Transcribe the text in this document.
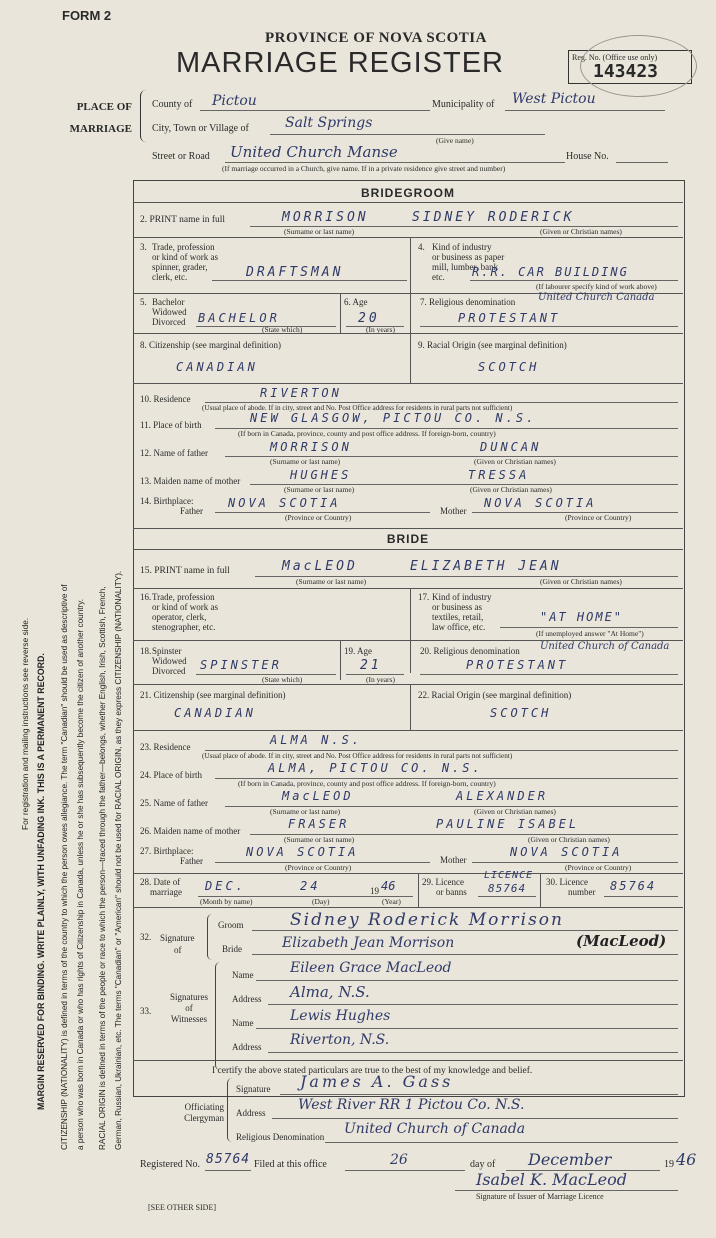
FORM 2
PROVINCE OF NOVA SCOTIA
MARRIAGE REGISTER	Reg. No. (Office use only)
143423
PLACE OF
MARRIAGE
County of Pictou	Municipality of West Pictou
City, Town or Village of	Salt Springs
(Give name)
Street or Road United Church Manse	House No.
(If marriage occurred in a Church, give name. If in a private residence give street and number)
BRIDEGROOM
2. PRINT name in full	MORRISON	SIDNEY RODERICK
(Surname or last name)	(Given or Christian names)
3. Trade, profession
or kind of work as
spinner, grader,
clerk, etc.	DRAFTSMAN
4. Kind of industry
or business as paper
mill, lumber, bank
etc.	R.R. CAR BUILDING
(If labourer specify kind of work above)
5. Bachelor
Widowed
Divorced BACHELOR
(State which)
6. Age
20
(In years)
7. Religious denomination United Church Canada
PROTESTANT
8. Citizenship (see marginal definition)
CANADIAN
9. Racial Origin (see marginal definition)
SCOTCH
10. Residence	RIVERTON
(Usual place of abode. If in city, street and No. Post Office address for residents in rural parts not sufficient)
11. Place of birth	NEW GLASGOW, PICTOU CO. N.S.
(If born in Canada, province, county and post office address. If foreign-born, country)
12. Name of father	MORRISON	DUNCAN
(Surname or last name)	(Given or Christian names)
13. Maiden name of mother	HUGHES	TRESSA
(Surname or last name)	(Given or Christian names)
14. Birthplace:
Father
NOVA SCOTIA
(Province or Country)
Mother
NOVA SCOTIA
(Province or Country)
BRIDE
15. PRINT name in full	MacLEOD	ELIZABETH JEAN
(Surname or last name)	(Given or Christian names)
16. Trade, profession
or kind of work as
operator, clerk,
stenographer, etc.
17. Kind of industry
or business as
textiles, retail,
law office, etc.
"AT HOME"
(If unemployed answer "At Home")
18. Spinster
Widowed
Divorced SPINSTER
(State which)
19. Age
21
(In years)
20. Religious denomination United Church of Canada
PROTESTANT
21. Citizenship (see marginal definition)
CANADIAN
22. Racial Origin (see marginal definition)
SCOTCH
23. Residence	ALMA N.S.
(Usual place of abode. If in city, street and No. Post Office address for residents in rural parts not sufficient)
24. Place of birth	ALMA, PICTOU CO. N.S.
(If born in Canada, province, county and post office address. If foreign-born, country)
25. Name of father	MacLEOD	ALEXANDER
(Surname or last name)	(Given or Christian names)
26. Maiden name of mother	FRASER	PAULINE ISABEL
(Surname or last name)	(Given or Christian names)
27. Birthplace:
Father
NOVA SCOTIA
(Province or Country)
Mother
NOVA SCOTIA
(Province or Country)
28. Date of
marriage DEC.	24	19 46
(Month by name)	(Day)	(Year)
29. Licence
or banns
LICENCE
85764 30. Licence
number 85764
32. Signature
of
Groom	Sidney Roderick Morrison
Bride	Elizabeth Jean Morrison	(MacLeod)
33.
Signatures
of
Witnesses
Name	Eileen Grace MacLeod
Address Alma, N.S.
Name	Lewis Hughes
Address Riverton, N.S.
I certify the above stated particulars are true to the best of my knowledge and belief.
Officiating
Clergyman
Signature James A. Gass
Address West River RR 1 Pictou Co. N.S.
Religious Denomination United Church of Canada
Registered No. 85764 Filed at this office	26	day of December	19 46
Isabel K. MacLeod
Signature of Issuer of Marriage Licence
[SEE OTHER SIDE]
For registration and mailing instructions see reverse side. MARGIN RESERVED FOR BINDING. WRITE PLAINLY, WITH UNFADING INK. THIS IS A PERMANENT RECORD. CITIZENSHIP (NATIONALITY) is defined in terms of the country to which the person owes allegiance. The term "Canadian" should be used as descriptive of a person who was born in Canada or who has rights of Citizenship in Canada, unless he or she has subsequently become the citizen of another country. RACIAL ORIGIN is defined in terms of the people or race to which the person—traced through the father—belongs, whether English, Irish, Scottish, French, German, Russian, Ukrainian, etc. The terms "Canadian" or "American" should not be used for RACIAL ORIGIN, as they express CITIZENSHIP (NATIONALITY).
